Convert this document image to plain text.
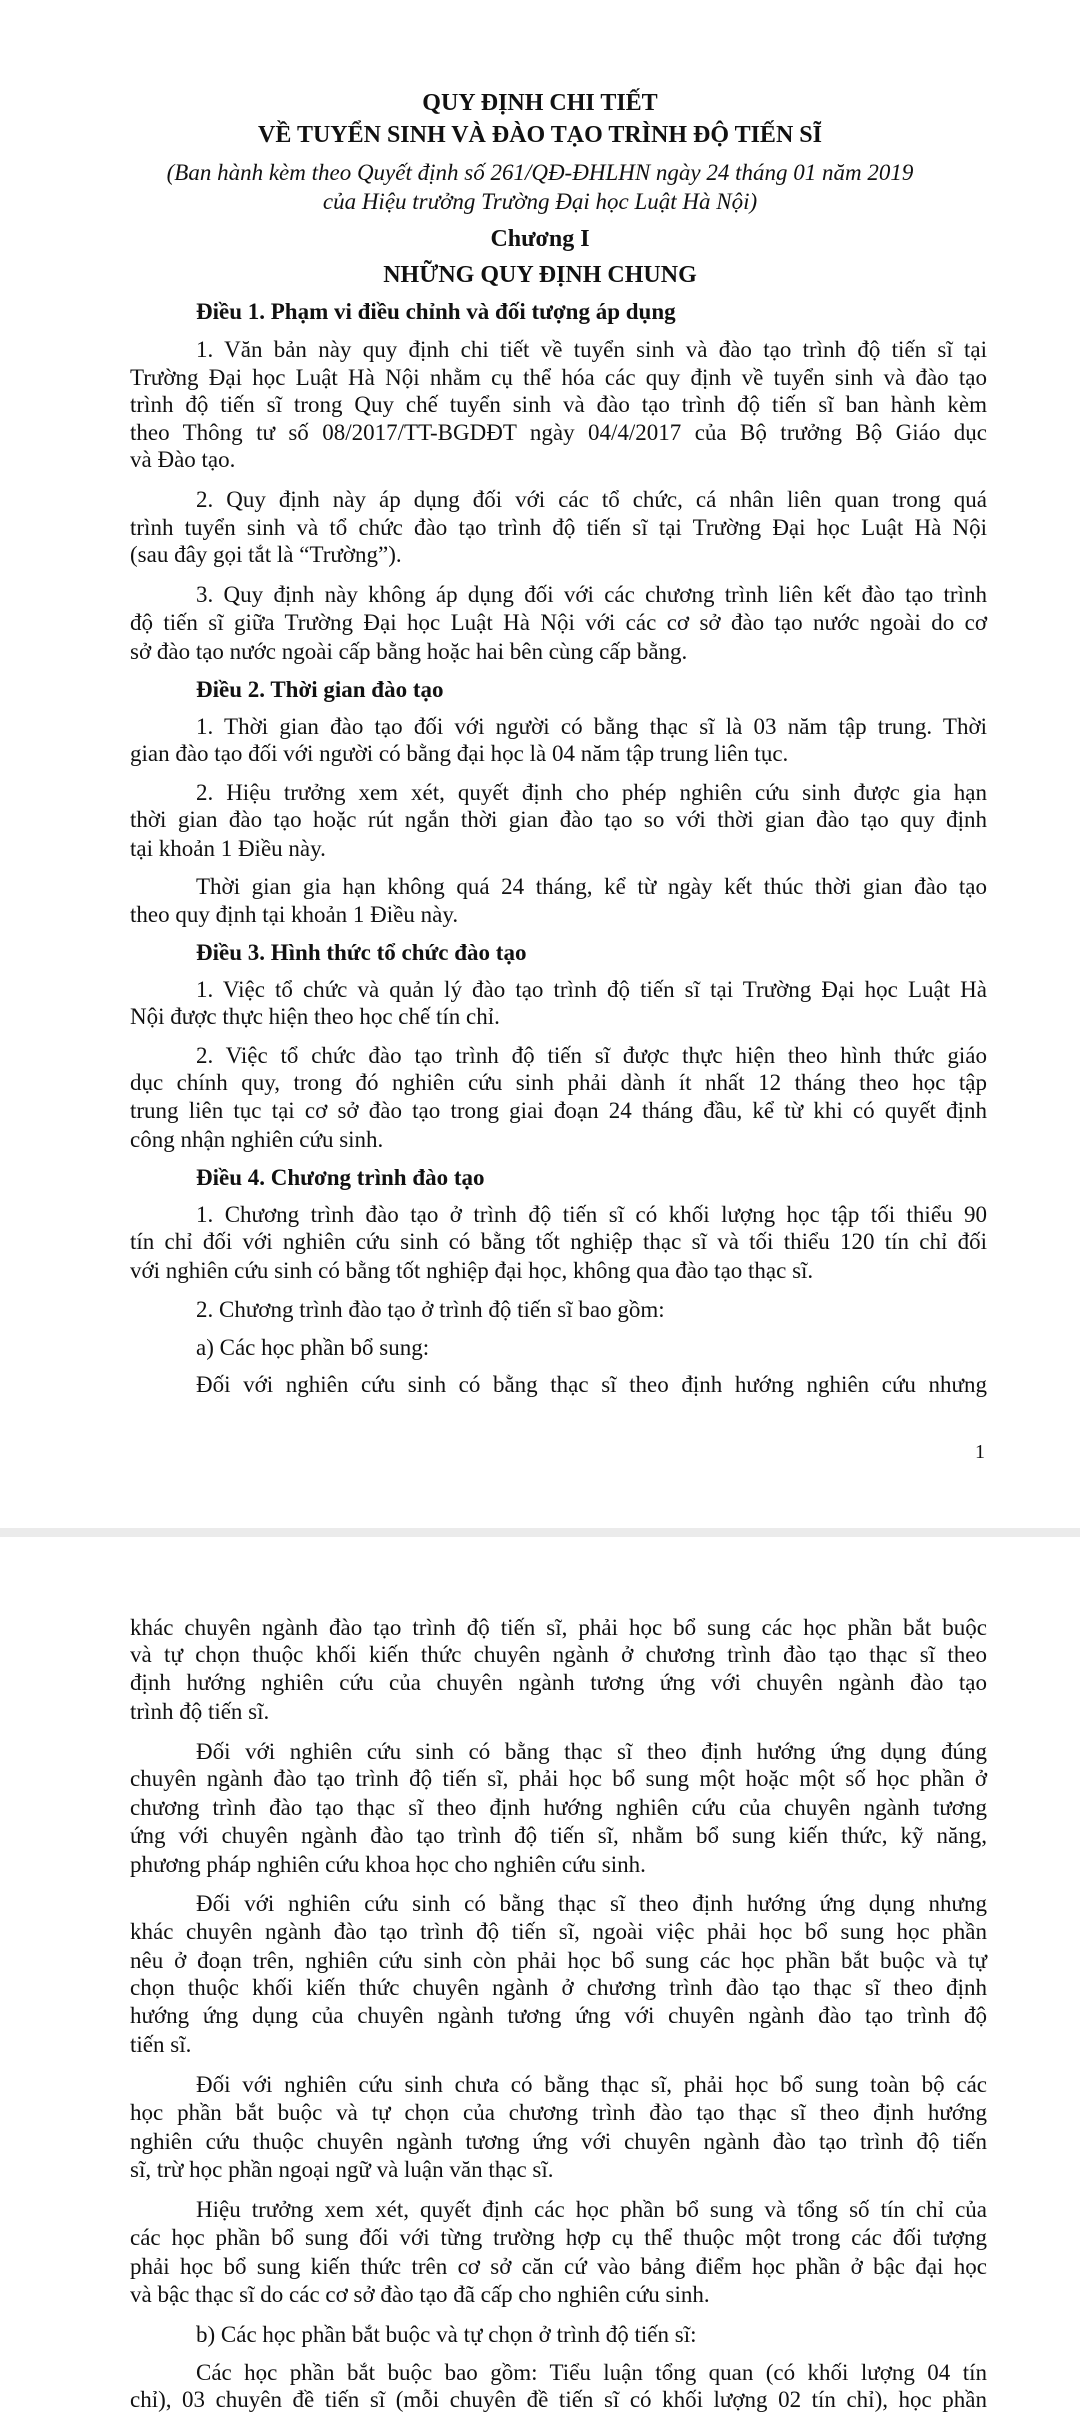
QUY ĐỊNH CHI TIẾT
VỀ TUYỂN SINH VÀ ĐÀO TẠO TRÌNH ĐỘ TIẾN SĨ
(Ban hành kèm theo Quyết định số 261/QĐ-ĐHLHN ngày 24 tháng 01 năm 2019
của Hiệu trưởng Trường Đại học Luật Hà Nội)
Chương I
NHỮNG QUY ĐỊNH CHUNG
Điều 1. Phạm vi điều chỉnh và đối tượng áp dụng
1. Văn bản này quy định chi tiết về tuyển sinh và đào tạo trình độ tiến sĩ tại
Trường Đại học Luật Hà Nội nhằm cụ thể hóa các quy định về tuyển sinh và đào tạo
trình độ tiến sĩ trong Quy chế tuyển sinh và đào tạo trình độ tiến sĩ ban hành kèm
theo Thông tư số 08/2017/TT-BGDĐT ngày 04/4/2017 của Bộ trưởng Bộ Giáo dục
và Đào tạo.
2. Quy định này áp dụng đối với các tổ chức, cá nhân liên quan trong quá
trình tuyển sinh và tổ chức đào tạo trình độ tiến sĩ tại Trường Đại học Luật Hà Nội
(sau đây gọi tắt là “Trường”).
3. Quy định này không áp dụng đối với các chương trình liên kết đào tạo trình
độ tiến sĩ giữa Trường Đại học Luật Hà Nội với các cơ sở đào tạo nước ngoài do cơ
sở đào tạo nước ngoài cấp bằng hoặc hai bên cùng cấp bằng.
Điều 2. Thời gian đào tạo
1. Thời gian đào tạo đối với người có bằng thạc sĩ là 03 năm tập trung. Thời
gian đào tạo đối với người có bằng đại học là 04 năm tập trung liên tục.
2. Hiệu trưởng xem xét, quyết định cho phép nghiên cứu sinh được gia hạn
thời gian đào tạo hoặc rút ngắn thời gian đào tạo so với thời gian đào tạo quy định
tại khoản 1 Điều này.
Thời gian gia hạn không quá 24 tháng, kể từ ngày kết thúc thời gian đào tạo
theo quy định tại khoản 1 Điều này.
Điều 3. Hình thức tổ chức đào tạo
1. Việc tổ chức và quản lý đào tạo trình độ tiến sĩ tại Trường Đại học Luật Hà
Nội được thực hiện theo học chế tín chỉ.
2. Việc tổ chức đào tạo trình độ tiến sĩ được thực hiện theo hình thức giáo
dục chính quy, trong đó nghiên cứu sinh phải dành ít nhất 12 tháng theo học tập
trung liên tục tại cơ sở đào tạo trong giai đoạn 24 tháng đầu, kể từ khi có quyết định
công nhận nghiên cứu sinh.
Điều 4. Chương trình đào tạo
1. Chương trình đào tạo ở trình độ tiến sĩ có khối lượng học tập tối thiểu 90
tín chỉ đối với nghiên cứu sinh có bằng tốt nghiệp thạc sĩ và tối thiểu 120 tín chỉ đối
với nghiên cứu sinh có bằng tốt nghiệp đại học, không qua đào tạo thạc sĩ.
2. Chương trình đào tạo ở trình độ tiến sĩ bao gồm:
a) Các học phần bổ sung:
Đối với nghiên cứu sinh có bằng thạc sĩ theo định hướng nghiên cứu nhưng
khác chuyên ngành đào tạo trình độ tiến sĩ, phải học bổ sung các học phần bắt buộc
và tự chọn thuộc khối kiến thức chuyên ngành ở chương trình đào tạo thạc sĩ theo
định hướng nghiên cứu của chuyên ngành tương ứng với chuyên ngành đào tạo
trình độ tiến sĩ.
Đối với nghiên cứu sinh có bằng thạc sĩ theo định hướng ứng dụng đúng
chuyên ngành đào tạo trình độ tiến sĩ, phải học bổ sung một hoặc một số học phần ở
chương trình đào tạo thạc sĩ theo định hướng nghiên cứu của chuyên ngành tương
ứng với chuyên ngành đào tạo trình độ tiến sĩ, nhằm bổ sung kiến thức, kỹ năng,
phương pháp nghiên cứu khoa học cho nghiên cứu sinh.
Đối với nghiên cứu sinh có bằng thạc sĩ theo định hướng ứng dụng nhưng
khác chuyên ngành đào tạo trình độ tiến sĩ, ngoài việc phải học bổ sung học phần
nêu ở đoạn trên, nghiên cứu sinh còn phải học bổ sung các học phần bắt buộc và tự
chọn thuộc khối kiến thức chuyên ngành ở chương trình đào tạo thạc sĩ theo định
hướng ứng dụng của chuyên ngành tương ứng với chuyên ngành đào tạo trình độ
tiến sĩ.
Đối với nghiên cứu sinh chưa có bằng thạc sĩ, phải học bổ sung toàn bộ các
học phần bắt buộc và tự chọn của chương trình đào tạo thạc sĩ theo định hướng
nghiên cứu thuộc chuyên ngành tương ứng với chuyên ngành đào tạo trình độ tiến
sĩ, trừ học phần ngoại ngữ và luận văn thạc sĩ.
Hiệu trưởng xem xét, quyết định các học phần bổ sung và tổng số tín chỉ của
các học phần bổ sung đối với từng trường hợp cụ thể thuộc một trong các đối tượng
phải học bổ sung kiến thức trên cơ sở căn cứ vào bảng điểm học phần ở bậc đại học
và bậc thạc sĩ do các cơ sở đào tạo đã cấp cho nghiên cứu sinh.
b) Các học phần bắt buộc và tự chọn ở trình độ tiến sĩ:
Các học phần bắt buộc bao gồm: Tiểu luận tổng quan (có khối lượng 04 tín
chỉ), 03 chuyên đề tiến sĩ (mỗi chuyên đề tiến sĩ có khối lượng 02 tín chỉ), học phần
1
